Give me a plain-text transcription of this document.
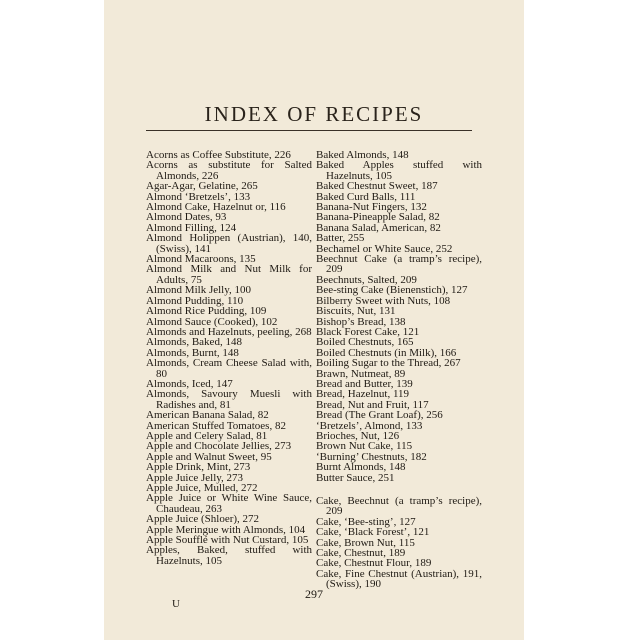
INDEX OF RECIPES

Acorns as Coffee Substitute, 226

Acorns as substitute for Salted Almonds, 226

Agar-Agar, Gelatine, 265

Almond ‘Bretzels’, 133

Almond Cake, Hazelnut or, 116

Almond Dates, 93

Almond Filling, 124

Almond Holippen (Austrian), 140, (Swiss), 141

Almond Macaroons, 135

Almond Milk and Nut Milk for Adults, 75

Almond Milk Jelly, 100

Almond Pudding, 110

Almond Rice Pudding, 109

Almond Sauce (Cooked), 102

Almonds and Hazelnuts, peeling, 268

Almonds, Baked, 148

Almonds, Burnt, 148

Almonds, Cream Cheese Salad with, 80

Almonds, Iced, 147

Almonds, Savoury Muesli with Radishes and, 81

American Banana Salad, 82

American Stuffed Tomatoes, 82

Apple and Celery Salad, 81

Apple and Chocolate Jellies, 273

Apple and Walnut Sweet, 95

Apple Drink, Mint, 273

Apple Juice Jelly, 273

Apple Juice, Mulled, 272

Apple Juice or White Wine Sauce, Chaudeau, 263

Apple Juice (Shloer), 272

Apple Meringue with Almonds, 104

Apple Soufflé with Nut Custard, 105

Apples, Baked, stuffed with Hazelnuts, 105

Baked Almonds, 148

Baked Apples stuffed with Hazelnuts, 105

Baked Chestnut Sweet, 187

Baked Curd Balls, 111

Banana-Nut Fingers, 132

Banana-Pineapple Salad, 82

Banana Salad, American, 82

Batter, 255

Bechamel or White Sauce, 252

Beechnut Cake (a tramp’s recipe), 209

Beechnuts, Salted, 209

Bee-sting Cake (Bienenstich), 127

Bilberry Sweet with Nuts, 108

Biscuits, Nut, 131

Bishop’s Bread, 138

Black Forest Cake, 121

Boiled Chestnuts, 165

Boiled Chestnuts (in Milk), 166

Boiling Sugar to the Thread, 267

Brawn, Nutmeat, 89

Bread and Butter, 139

Bread, Hazelnut, 119

Bread, Nut and Fruit, 117

Bread (The Grant Loaf), 256

‘Bretzels’, Almond, 133

Brioches, Nut, 126

Brown Nut Cake, 115

‘Burning’ Chestnuts, 182

Burnt Almonds, 148

Butter Sauce, 251

Cake, Beechnut (a tramp’s recipe), 209

Cake, ‘Bee-sting’, 127

Cake, ‘Black Forest’, 121

Cake, Brown Nut, 115

Cake, Chestnut, 189

Cake, Chestnut Flour, 189

Cake, Fine Chestnut (Austrian), 191, (Swiss), 190

U
297
